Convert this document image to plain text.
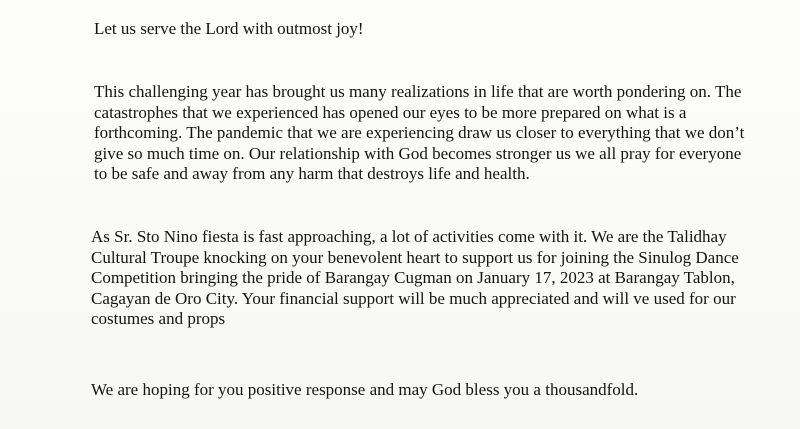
Let us serve the Lord with outmost joy!

This challenging year has brought us many realizations in life that are worth pondering on. The
catastrophes that we experienced has opened our eyes to be more prepared on what is a
forthcoming. The pandemic that we are experiencing draw us closer to everything that we don’t
give so much time on. Our relationship with God becomes stronger us we all pray for everyone
to be safe and away from any harm that destroys life and health.
As Sr. Sto Nino fiesta is fast approaching, a lot of activities come with it. We are the Talidhay
Cultural Troupe knocking on your benevolent heart to support us for joining the Sinulog Dance
Competition bringing the pride of Barangay Cugman on January 17, 2023 at Barangay Tablon,
Cagayan de Oro City. Your financial support will be much appreciated and will ve used for our
costumes and props

We are hoping for you positive response and may God bless you a thousandfold.
